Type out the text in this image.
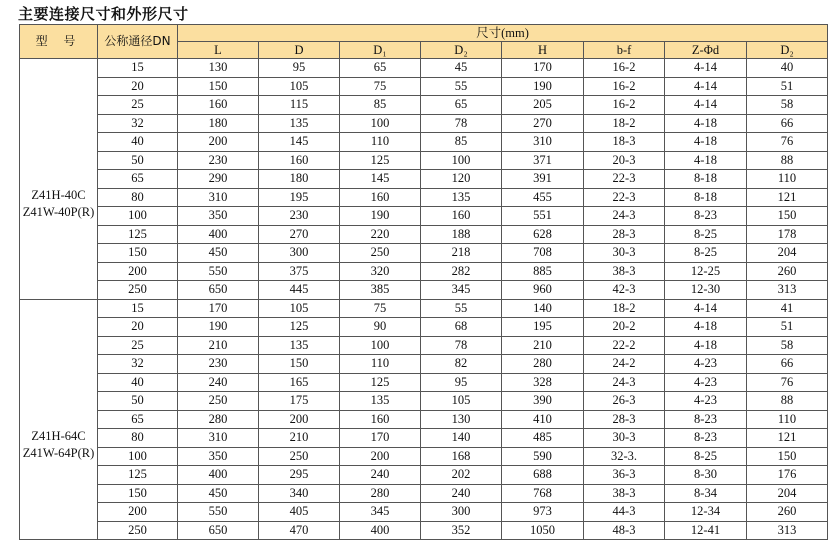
主要连接尺寸和外形尺寸
型 号	公称通径DN	尺寸(mm)							
		L	D	D₁	D₂	H	b-f	Z-Φd	D₂

Z41H-40C
Z41W-40P(R)	15	130	95	65	45	170	16-2	4-14	40
	20	150	105	75	55	190	16-2	4-14	51
	25	160	115	85	65	205	16-2	4-14	58
	32	180	135	100	78	270	18-2	4-18	66
	40	200	145	110	85	310	18-3	4-18	76
	50	230	160	125	100	371	20-3	4-18	88
	65	290	180	145	120	391	22-3	8-18	110
	80	310	195	160	135	455	22-3	8-18	121
	100	350	230	190	160	551	24-3	8-23	150
	125	400	270	220	188	628	28-3	8-25	178
	150	450	300	250	218	708	30-3	8-25	204
	200	550	375	320	282	885	38-3	12-25	260
	250	650	445	385	345	960	42-3	12-30	313

Z41H-64C
Z41W-64P(R)	15	170	105	75	55	140	18-2	4-14	41
	20	190	125	90	68	195	20-2	4-18	51
	25	210	135	100	78	210	22-2	4-18	58
	32	230	150	110	82	280	24-2	4-23	66
	40	240	165	125	95	328	24-3	4-23	76
	50	250	175	135	105	390	26-3	4-23	88
	65	280	200	160	130	410	28-3	8-23	110
	80	310	210	170	140	485	30-3	8-23	121
	100	350	250	200	168	590	32-3.	8-25	150
	125	400	295	240	202	688	36-3	8-30	176
	150	450	340	280	240	768	38-3	8-34	204
	200	550	405	345	300	973	44-3	12-34	260
	250	650	470	400	352	1050	48-3	12-41	313
